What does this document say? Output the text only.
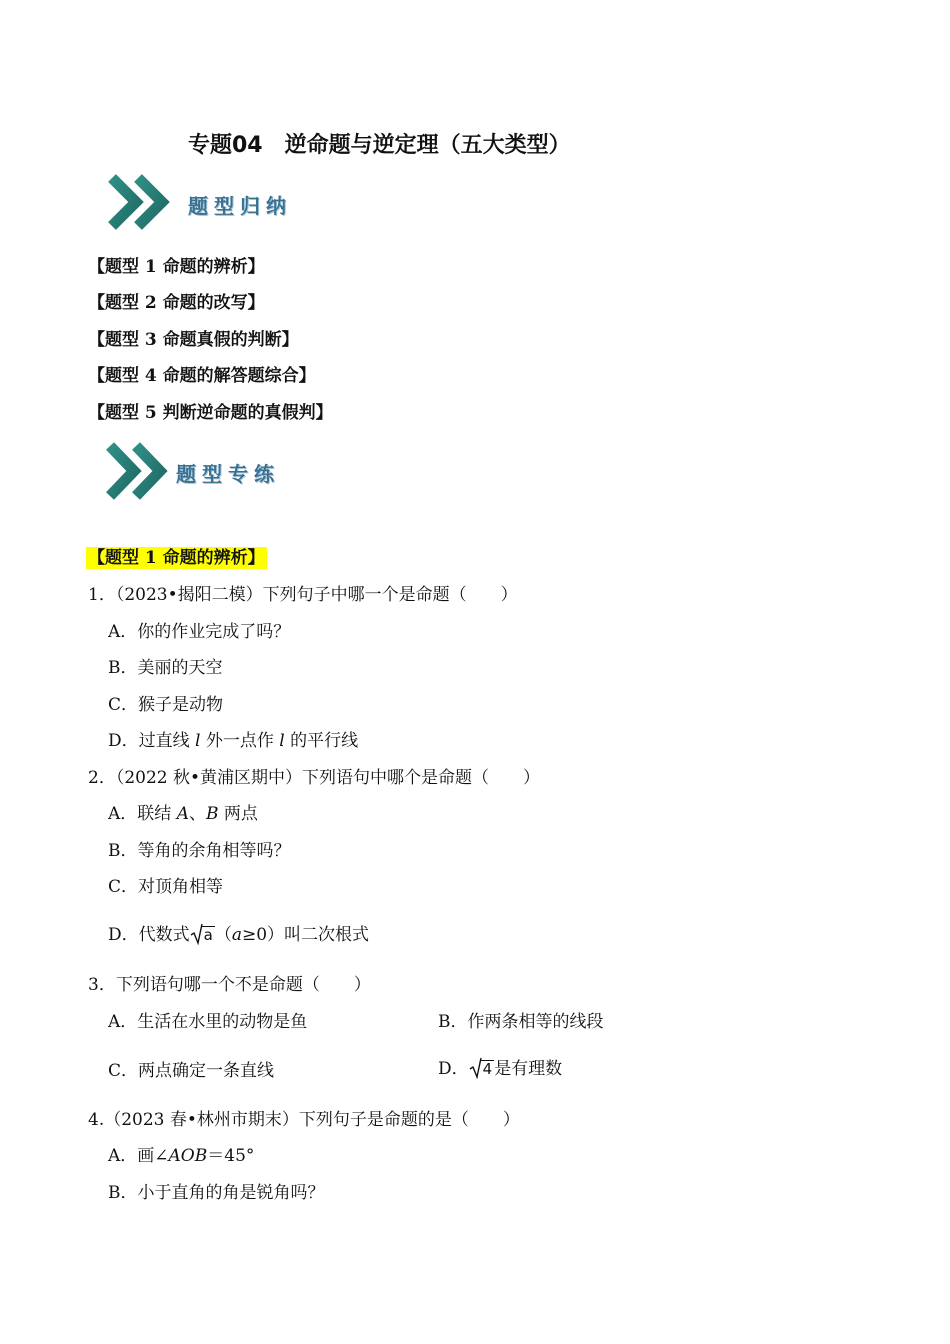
专题04　逆命题与逆定理（五大类型）
题型归纳
【题型 1 命题的辨析】
【题型 2 命题的改写】
【题型 3 命题真假的判断】
【题型 4 命题的解答题综合】
【题型 5 判断逆命题的真假判】
题型专练
【题型 1 命题的辨析】
1．（2023•揭阳二模）下列句子中哪一个是命题（　　）
A．你的作业完成了吗？
B．美丽的天空
C．猴子是动物
D．过直线 l 外一点作 l 的平行线
2．（2022 秋•黄浦区期中）下列语句中哪个是命题（　　）
A．联结 A、B 两点
B．等角的余角相等吗？
C．对顶角相等
D．代数式 a （a≥0）叫二次根式
3．下列语句哪一个不是命题（　　）
A．生活在水里的动物是鱼	B．作两条相等的线段
C．两点确定一条直线	D． 4 是有理数
4.（2023 春•林州市期末）下列句子是命题的是（　　）
A．画∠AOB＝45°
B．小于直角的角是锐角吗？
